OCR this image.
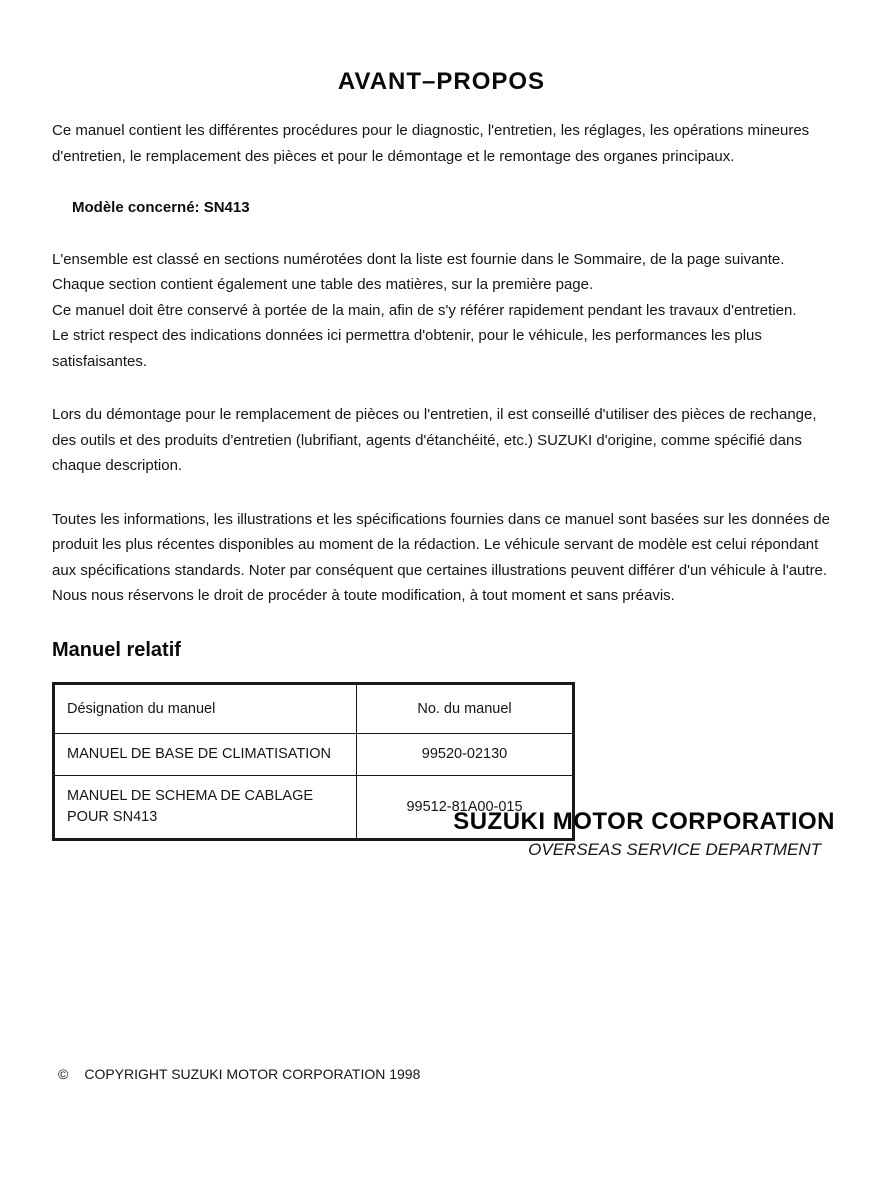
AVANT–PROPOS

Ce manuel contient les différentes procédures pour le diagnostic, l'entretien, les réglages, les opérations mineures d'entretien, le remplacement des pièces et pour le démontage et le remontage des organes principaux.

Modèle concerné: SN413

L'ensemble est classé en sections numérotées dont la liste est fournie dans le Sommaire, de la page suivante. Chaque section contient également une table des matières, sur la première page.

Ce manuel doit être conservé à portée de la main, afin de s'y référer rapidement pendant les travaux d'entretien.

Le strict respect des indications données ici permettra d'obtenir, pour le véhicule, les performances les plus satisfaisantes.

Lors du démontage pour le remplacement de pièces ou l'entretien, il est conseillé d'utiliser des pièces de rechange, des outils et des produits d'entretien (lubrifiant, agents d'étanchéité, etc.) SUZUKI d'origine, comme spécifié dans chaque description.

Toutes les informations, les illustrations et les spécifications fournies dans ce manuel sont basées sur les données de produit les plus récentes disponibles au moment de la rédaction. Le véhicule servant de modèle est celui répondant aux spécifications standards. Noter par conséquent que certaines illustrations peuvent différer d'un véhicule à l'autre. Nous nous réservons le droit de procéder à toute modification, à tout moment et sans préavis.

Manuel relatif
Désignation du manuel	No. du manuel
MANUEL DE BASE DE CLIMATISATION	99520-02130
MANUEL DE SCHEMA DE CABLAGE POUR SN413	99512-81A00-015
SUZUKI MOTOR CORPORATION
OVERSEAS SERVICE DEPARTMENT
© COPYRIGHT SUZUKI MOTOR CORPORATION 1998
